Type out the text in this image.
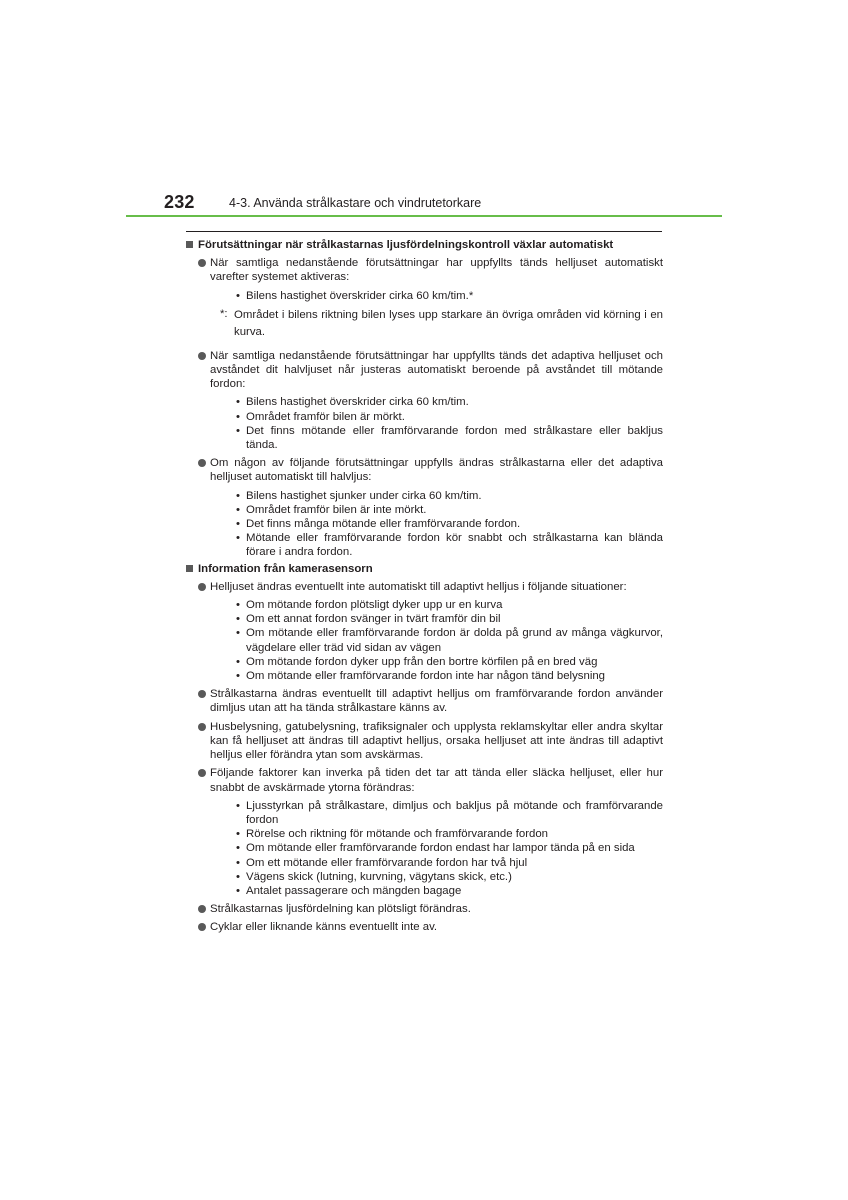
232	4-3. Använda strålkastare och vindrutetorkare
Förutsättningar när strålkastarnas ljusfördelningskontroll växlar automatiskt
När samtliga nedanstående förutsättningar har uppfyllts tänds helljuset automatiskt varefter systemet aktiveras:
• Bilens hastighet överskrider cirka 60 km/tim.*
*: Området i bilens riktning bilen lyses upp starkare än övriga områden vid körning i en kurva.
När samtliga nedanstående förutsättningar har uppfyllts tänds det adaptiva helljuset och avståndet dit halvljuset når justeras automatiskt beroende på avståndet till mötande fordon:
• Bilens hastighet överskrider cirka 60 km/tim.
• Området framför bilen är mörkt.
• Det finns mötande eller framförvarande fordon med strålkastare eller bakljus tända.
Om någon av följande förutsättningar uppfylls ändras strålkastarna eller det adaptiva helljuset automatiskt till halvljus:
• Bilens hastighet sjunker under cirka 60 km/tim.
• Området framför bilen är inte mörkt.
• Det finns många mötande eller framförvarande fordon.
• Mötande eller framförvarande fordon kör snabbt och strålkastarna kan blända förare i andra fordon.
Information från kamerasensorn
Helljuset ändras eventuellt inte automatiskt till adaptivt helljus i följande situationer:
• Om mötande fordon plötsligt dyker upp ur en kurva
• Om ett annat fordon svänger in tvärt framför din bil
• Om mötande eller framförvarande fordon är dolda på grund av många vägkurvor, vägdelare eller träd vid sidan av vägen
• Om mötande fordon dyker upp från den bortre körfilen på en bred väg
• Om mötande eller framförvarande fordon inte har någon tänd belysning
Strålkastarna ändras eventuellt till adaptivt helljus om framförvarande fordon använder dimljus utan att ha tända strålkastare känns av.
Husbelysning, gatubelysning, trafiksignaler och upplysta reklamskyltar eller andra skyltar kan få helljuset att ändras till adaptivt helljus, orsaka helljuset att inte ändras till adaptivt helljus eller förändra ytan som avskärmas.
Följande faktorer kan inverka på tiden det tar att tända eller släcka helljuset, eller hur snabbt de avskärmade ytorna förändras:
• Ljusstyrkan på strålkastare, dimljus och bakljus på mötande och framförvarande fordon
• Rörelse och riktning för mötande och framförvarande fordon
• Om mötande eller framförvarande fordon endast har lampor tända på en sida
• Om ett mötande eller framförvarande fordon har två hjul
• Vägens skick (lutning, kurvning, vägytans skick, etc.)
• Antalet passagerare och mängden bagage
Strålkastarnas ljusfördelning kan plötsligt förändras.
Cyklar eller liknande känns eventuellt inte av.
